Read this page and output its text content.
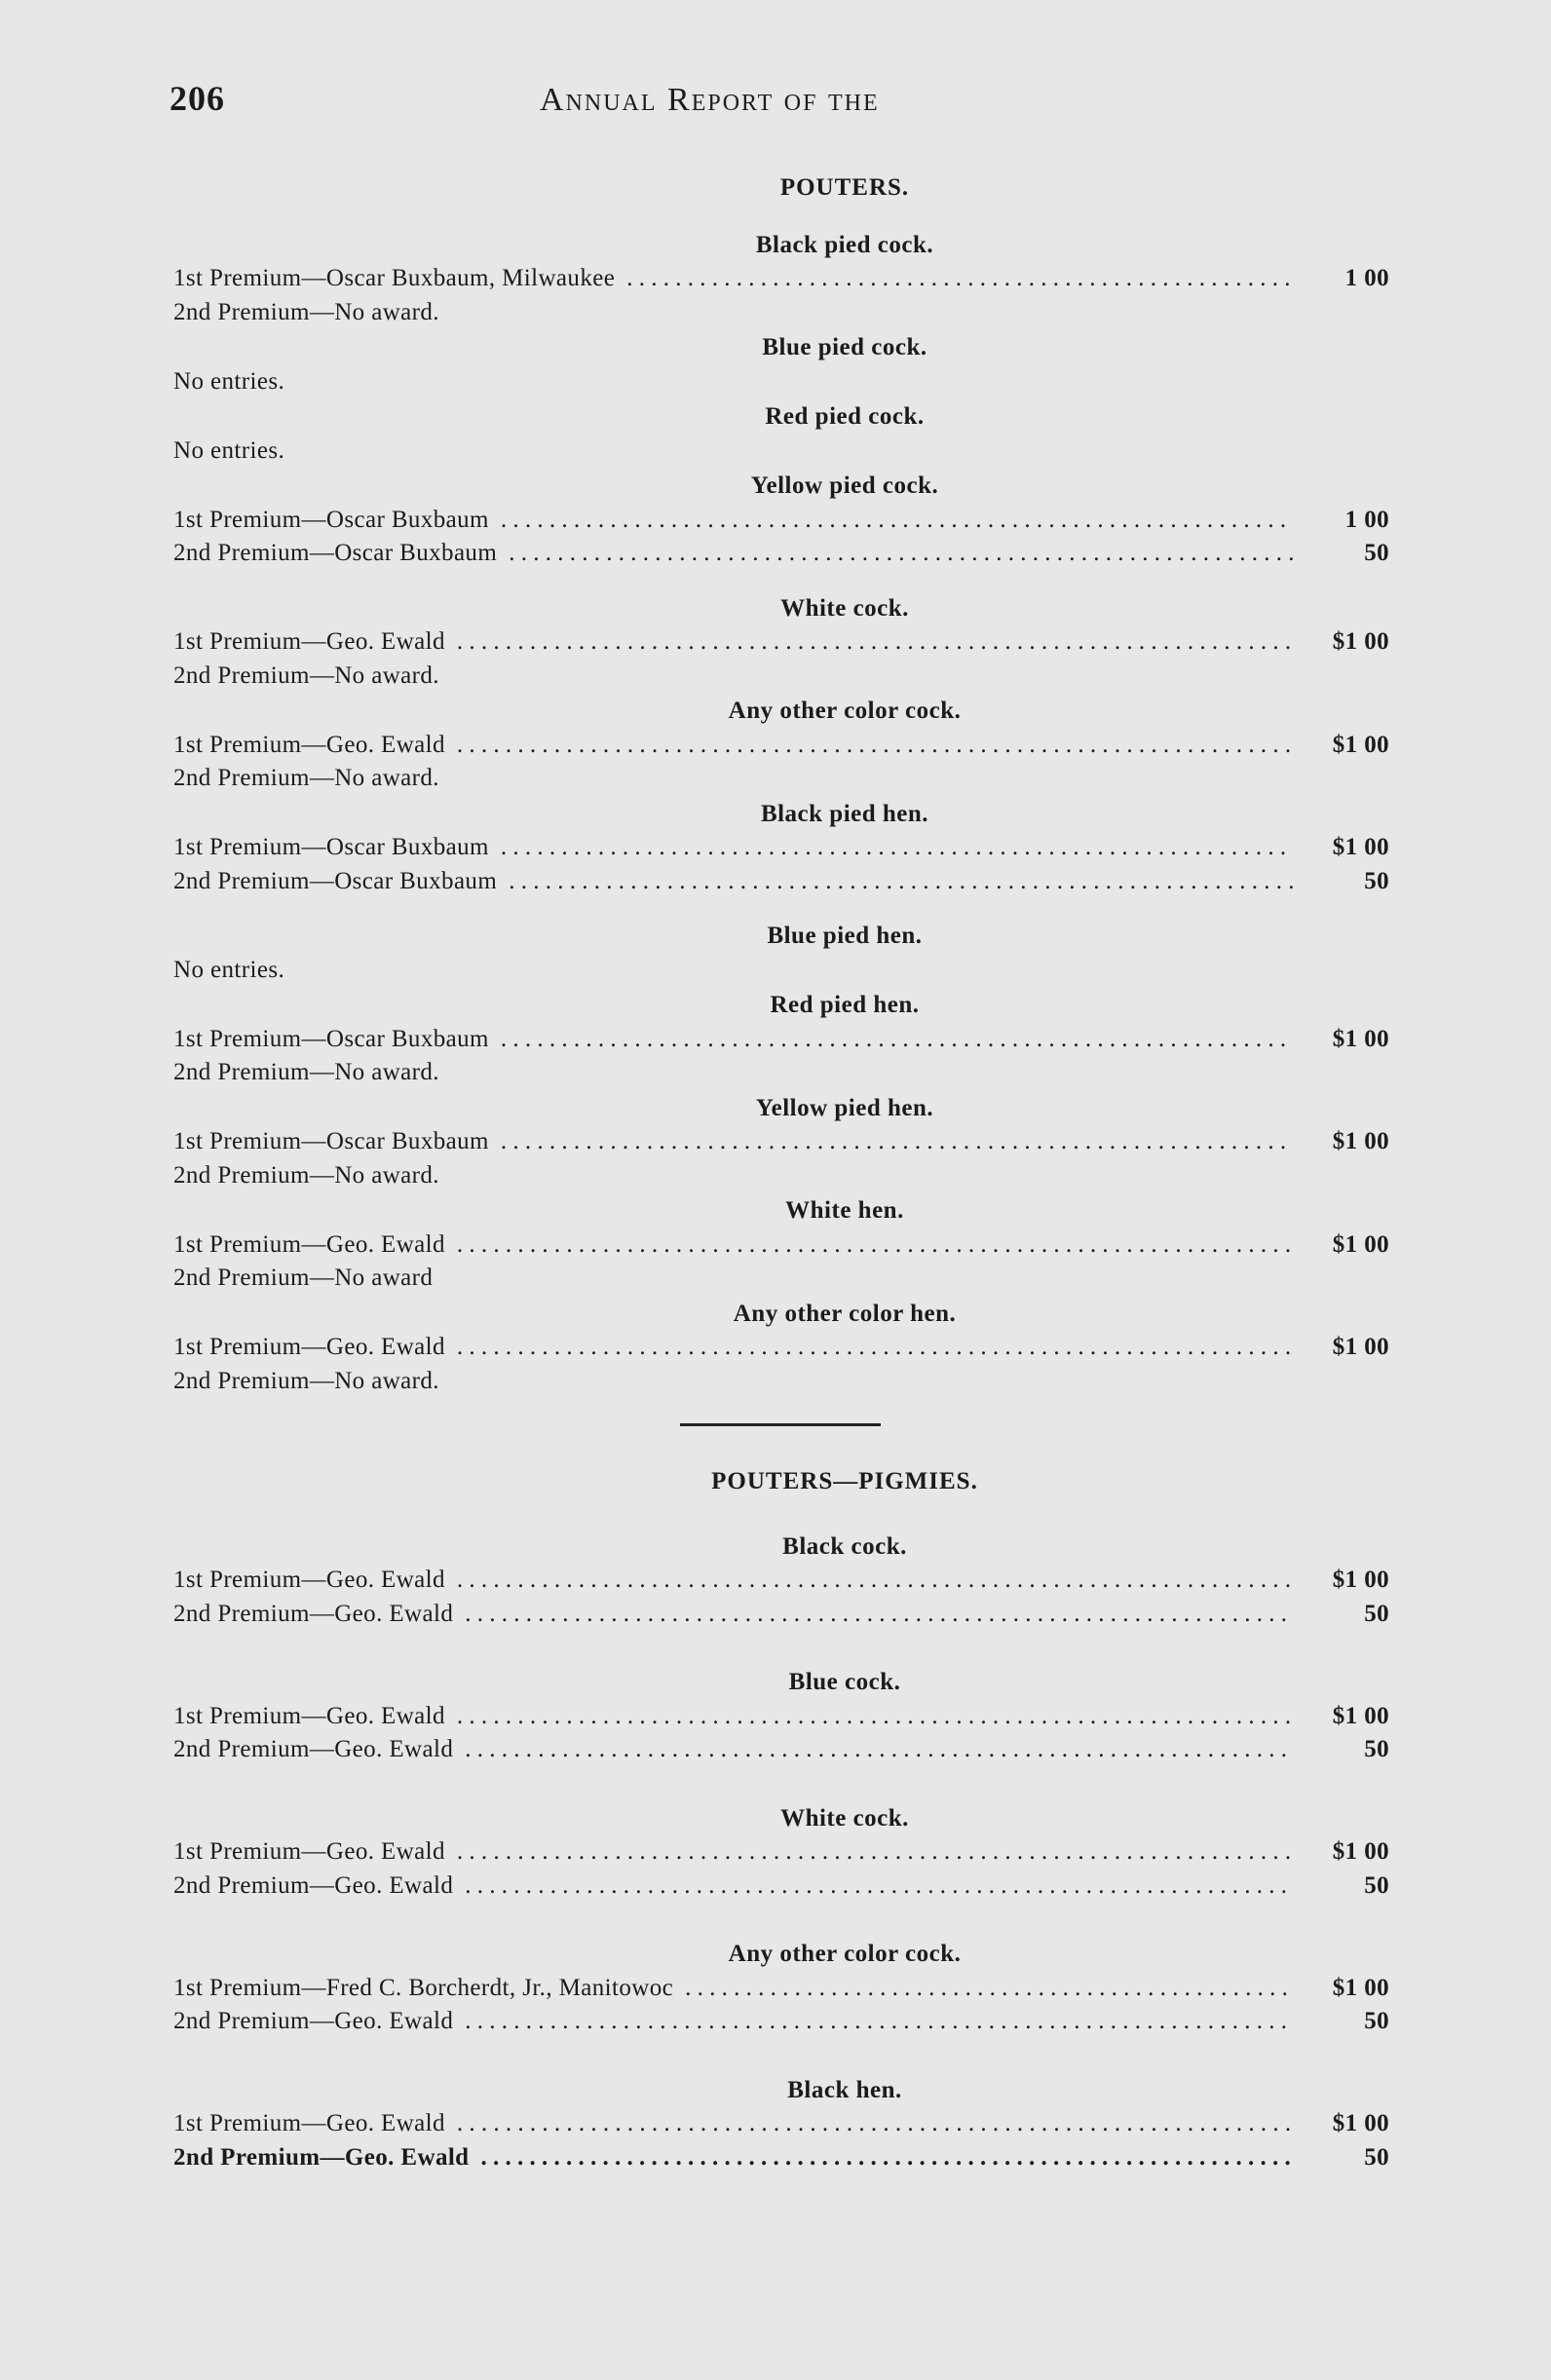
206	Annual Report of the
POUTERS.
Black pied cock.
1st Premium—Oscar Buxbaum, Milwaukee . . .	1 00
2nd Premium—No award.
Blue pied cock.
No entries.
Red pied cock.
No entries.
Yellow pied cock.
1st Premium—Oscar Buxbaum . . .	1 00
2nd Premium—Oscar Buxbaum . . .	50
White cock.
1st Premium—Geo. Ewald . . .	$1 00
2nd Premium—No award.
Any other color cock.
1st Premium—Geo. Ewald . . .	$1 00
2nd Premium—No award.
Black pied hen.
1st Premium—Oscar Buxbaum . . .	$1 00
2nd Premium—Oscar Buxbaum . . .	50
Blue pied hen.
No entries.
Red pied hen.
1st Premium—Oscar Buxbaum . . .	$1 00
2nd Premium—No award.
Yellow pied hen.
1st Premium—Oscar Buxbaum . . .	$1 00
2nd Premium—No award.
White hen.
1st Premium—Geo. Ewald . . .	$1 00
2nd Premium—No award
Any other color hen.
1st Premium—Geo. Ewald . . .	$1 00
2nd Premium—No award.
POUTERS—PIGMIES.
Black cock.
1st Premium—Geo. Ewald . . .	$1 00
2nd Premium—Geo. Ewald . . .	50
Blue cock.
1st Premium—Geo. Ewald . . .	$1 00
2nd Premium—Geo. Ewald . . .	50
White cock.
1st Premium—Geo. Ewald . . .	$1 00
2nd Premium—Geo. Ewald . . .	50
Any other color cock.
1st Premium—Fred C. Borcherdt, Jr., Manitowoc . . .	$1 00
2nd Premium—Geo. Ewald . . .	50
Black hen.
1st Premium—Geo. Ewald . . .	$1 00
2nd Premium—Geo. Ewald . . .	50
